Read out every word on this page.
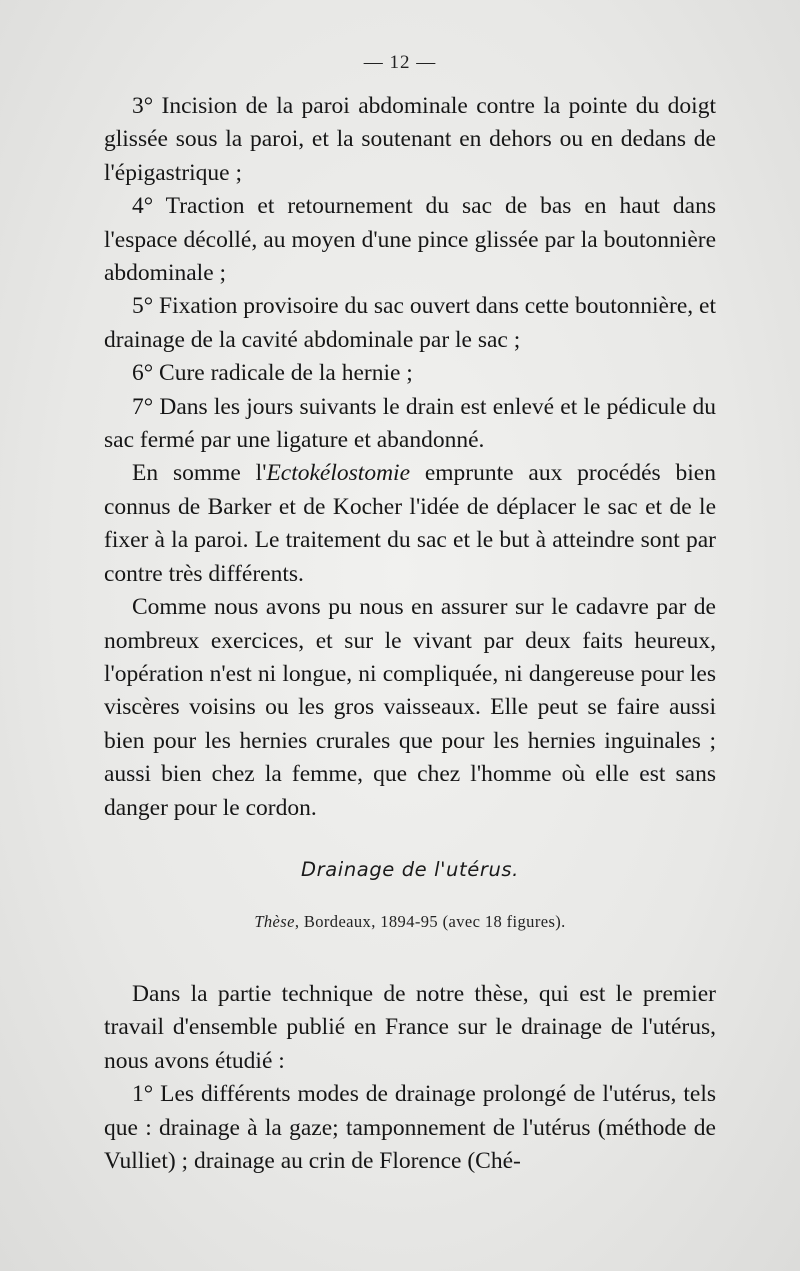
— 12 —

3° Incision de la paroi abdominale contre la pointe du doigt glissée sous la paroi, et la soutenant en dehors ou en dedans de l'épigastrique ;

4° Traction et retournement du sac de bas en haut dans l'espace décollé, au moyen d'une pince glissée par la boutonnière abdominale ;

5° Fixation provisoire du sac ouvert dans cette boutonnière, et drainage de la cavité abdominale par le sac ;

6° Cure radicale de la hernie ;

7° Dans les jours suivants le drain est enlevé et le pédicule du sac fermé par une ligature et abandonné.

En somme l'Ectokélostomie emprunte aux procédés bien connus de Barker et de Kocher l'idée de déplacer le sac et de le fixer à la paroi. Le traitement du sac et le but à atteindre sont par contre très différents.

Comme nous avons pu nous en assurer sur le cadavre par de nombreux exercices, et sur le vivant par deux faits heureux, l'opération n'est ni longue, ni compliquée, ni dangereuse pour les viscères voisins ou les gros vaisseaux. Elle peut se faire aussi bien pour les hernies crurales que pour les hernies inguinales ; aussi bien chez la femme, que chez l'homme où elle est sans danger pour le cordon.

Drainage de l'utérus.
Thèse, Bordeaux, 1894-95 (avec 18 figures).

Dans la partie technique de notre thèse, qui est le premier travail d'ensemble publié en France sur le drainage de l'utérus, nous avons étudié :

1° Les différents modes de drainage prolongé de l'utérus, tels que : drainage à la gaze; tamponnement de l'utérus (méthode de Vulliet) ; drainage au crin de Florence (Ché-
